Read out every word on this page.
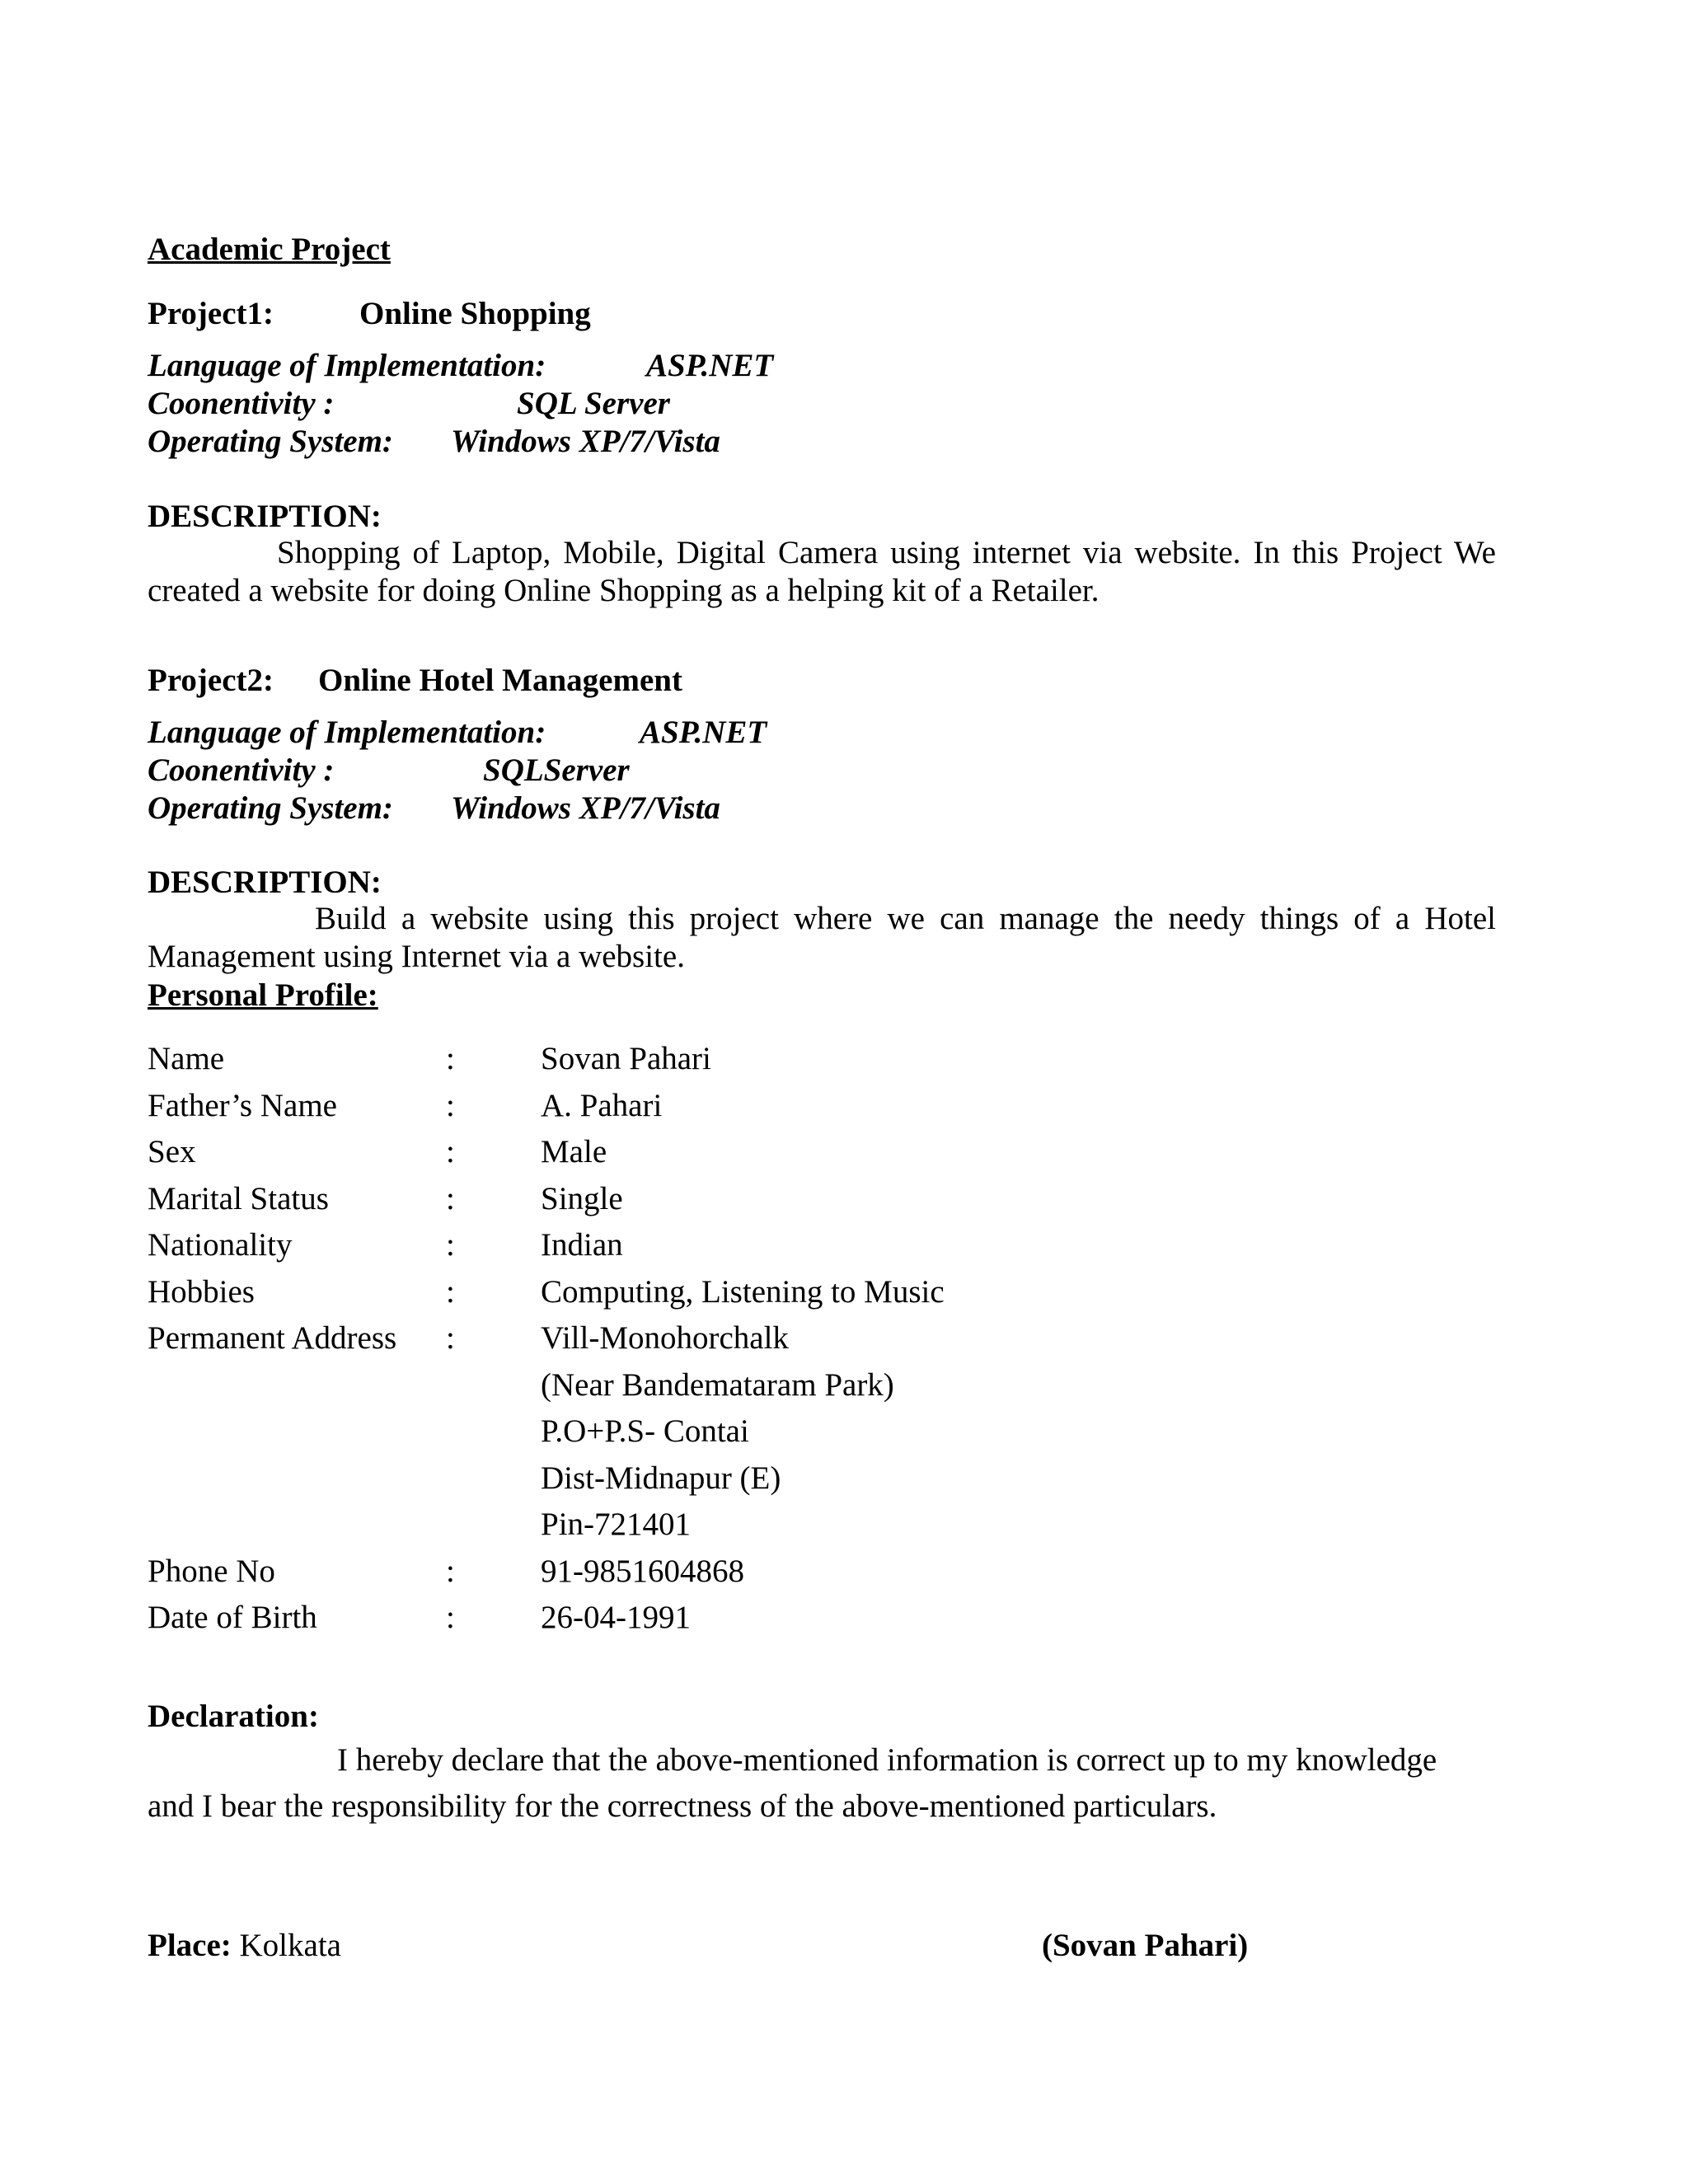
Academic Project
Project1:	Online Shopping
Language of Implementation:	ASP.NET
Coonentivity :	SQL Server
Operating System: Windows XP/7/Vista
DESCRIPTION:
Shopping of Laptop, Mobile, Digital Camera using internet via website. In this Project We created a website for doing Online Shopping as a helping kit of a Retailer.
Project2: Online Hotel Management
Language of Implementation:	ASP.NET
Coonentivity :	SQLServer
Operating System: Windows XP/7/Vista
DESCRIPTION:
Build a website using this project where we can manage the needy things of a Hotel Management using Internet via a website.
Personal Profile:
Name	:	Sovan Pahari
Father’s Name	:	A. Pahari
Sex	:	Male
Marital Status	:	Single
Nationality	:	Indian
Hobbies	:	Computing, Listening to Music
Permanent Address :	Vill-Monohorchalk
(Near Bandemataram Park)
P.O+P.S- Contai
Dist-Midnapur (E)
Pin-721401
Phone No	:	91-9851604868
Date of Birth	:	26-04-1991
Declaration:
I hereby declare that the above-mentioned information is correct up to my knowledge and I bear the responsibility for the correctness of the above-mentioned particulars.
Place: Kolkata	(Sovan Pahari)
